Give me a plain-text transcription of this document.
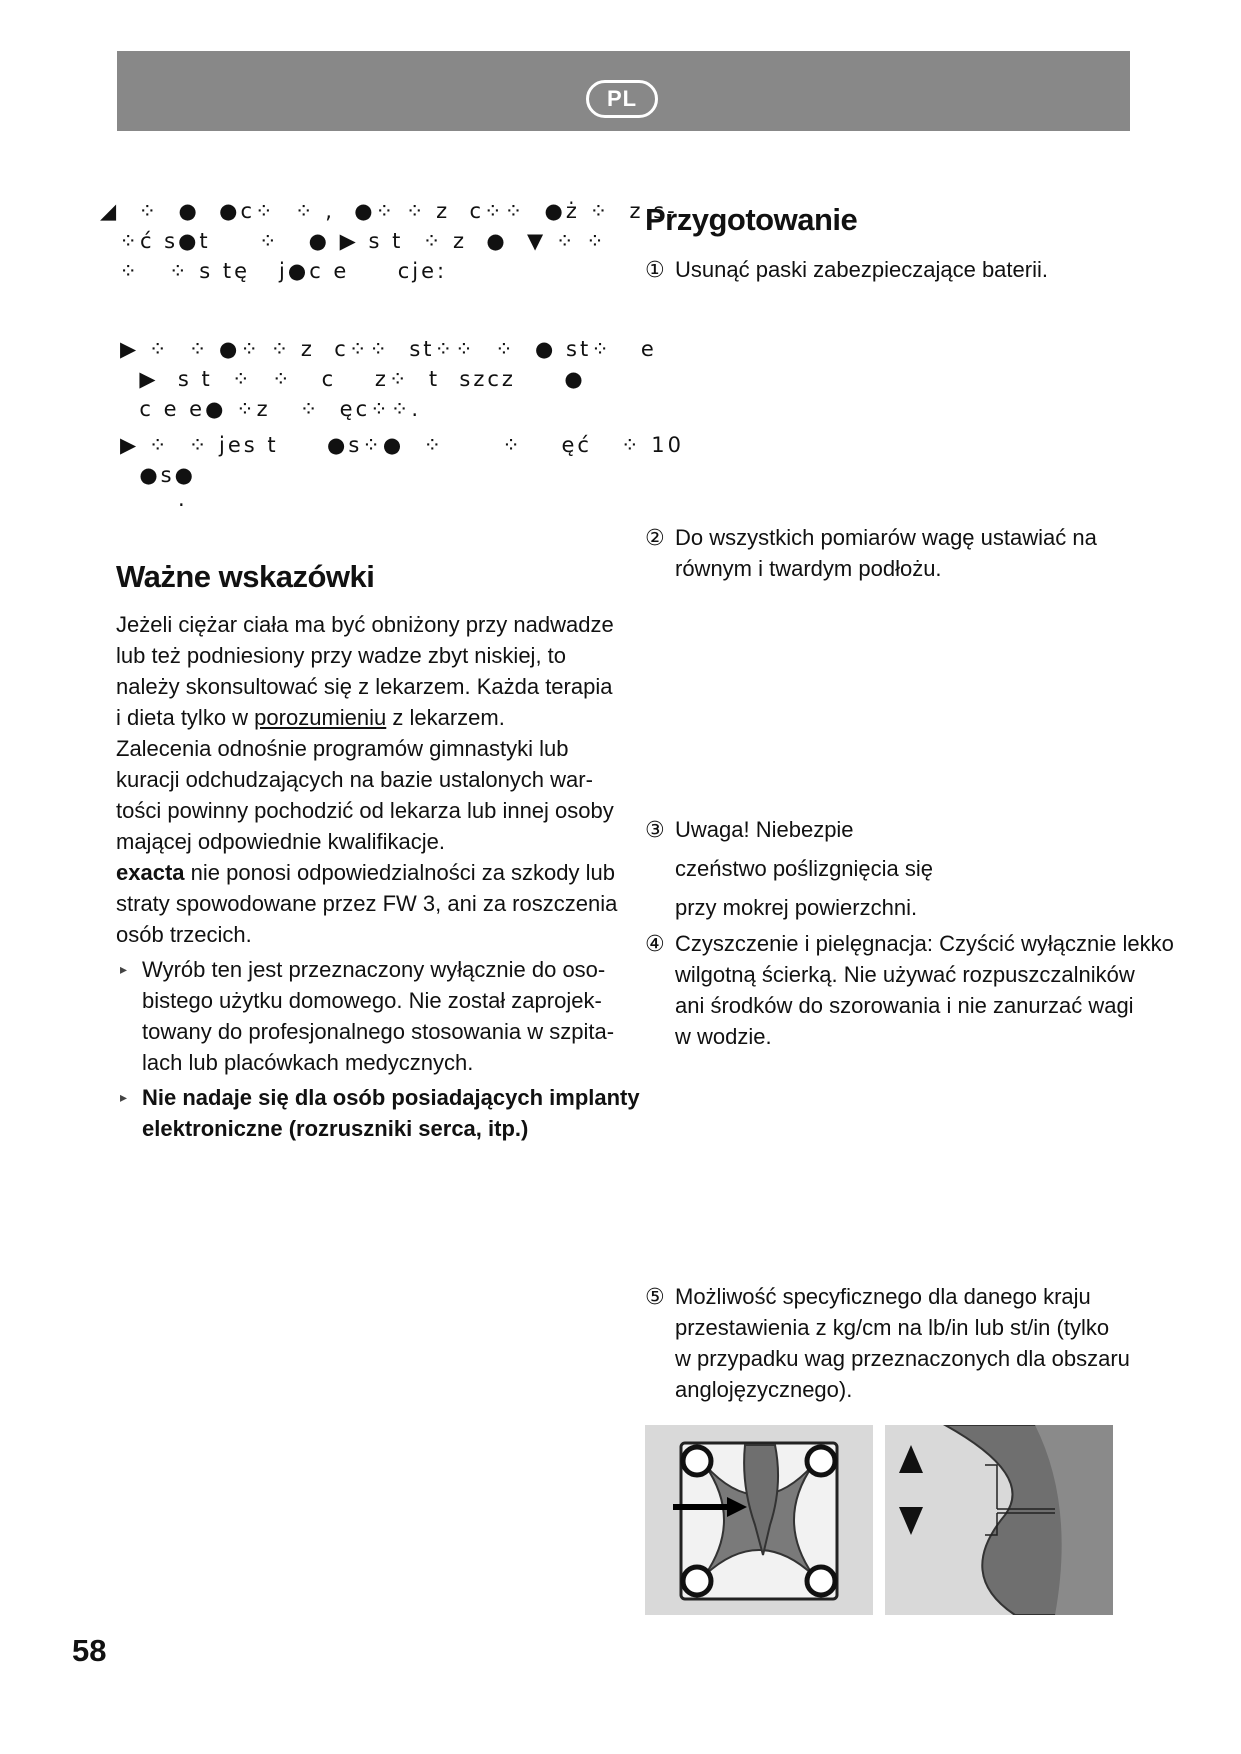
PL
◢  ⁘  ●  ●c⁘  ⁘ ,  ●⁘ ⁘ z  c⁘⁘  ●ż ⁘  z s-
⁘ć s●t     ⁘   ● ▶ s t  ⁘ z  ●  ▼ ⁘ ⁘
⁘   ⁘ s tę   j●c e     cje:
▶ ⁘  ⁘ ●⁘ ⁘ z  c⁘⁘  st⁘⁘  ⁘  ● st⁘   e
▶  s t  ⁘  ⁘   c    z⁘  t  szcz     ●
c e e● ⁘z   ⁘  ęc⁘⁘.
▶ ⁘  ⁘ jes t     ●s⁘●  ⁘      ⁘    ęć   ⁘ 10
●s●
·
Ważne wskazówki
Jeżeli ciężar ciała ma być obniżony przy nadwadze
lub też podniesiony przy wadze zbyt niskiej, to
należy skonsultować się z lekarzem. Każda terapia
i dieta tylko w porozumieniu z lekarzem.
Zalecenia odnośnie programów gimnastyki lub
kuracji odchudzających na bazie ustalonych war-
tości powinny pochodzić od lekarza lub innej osoby
mającej odpowiednie kwalifikacje.
exacta nie ponosi odpowiedzialności za szkody lub
straty spowodowane przez FW 3, ani za roszczenia
osób trzecich.
▸ Wyrób ten jest przeznaczony wyłącznie do oso-
bistego użytku domowego. Nie został zaprojek-
towany do profesjonalnego stosowania w szpita-
lach lub placówkach medycznych.
▸ Nie nadaje się dla osób posiadających implanty
elektroniczne (rozruszniki serca, itp.)
Przygotowanie
① Usunąć paski zabezpieczające baterii.
② Do wszystkich pomiarów wagę ustawiać na
równym i twardym podłożu.
③ Uwaga! Niebezpie
czeństwo poślizgnięcia się
przy mokrej powierzchni.
④ Czyszczenie i pielęgnacja: Czyścić wyłącznie lekko
wilgotną ścierką. Nie używać rozpuszczalników
ani środków do szorowania i nie zanurzać wagi
w wodzie.
⑤ Możliwość specyficznego dla danego kraju
przestawienia z kg/cm na lb/in lub st/in (tylko
w przypadku wag przeznaczonych dla obszaru
anglojęzycznego).
58
